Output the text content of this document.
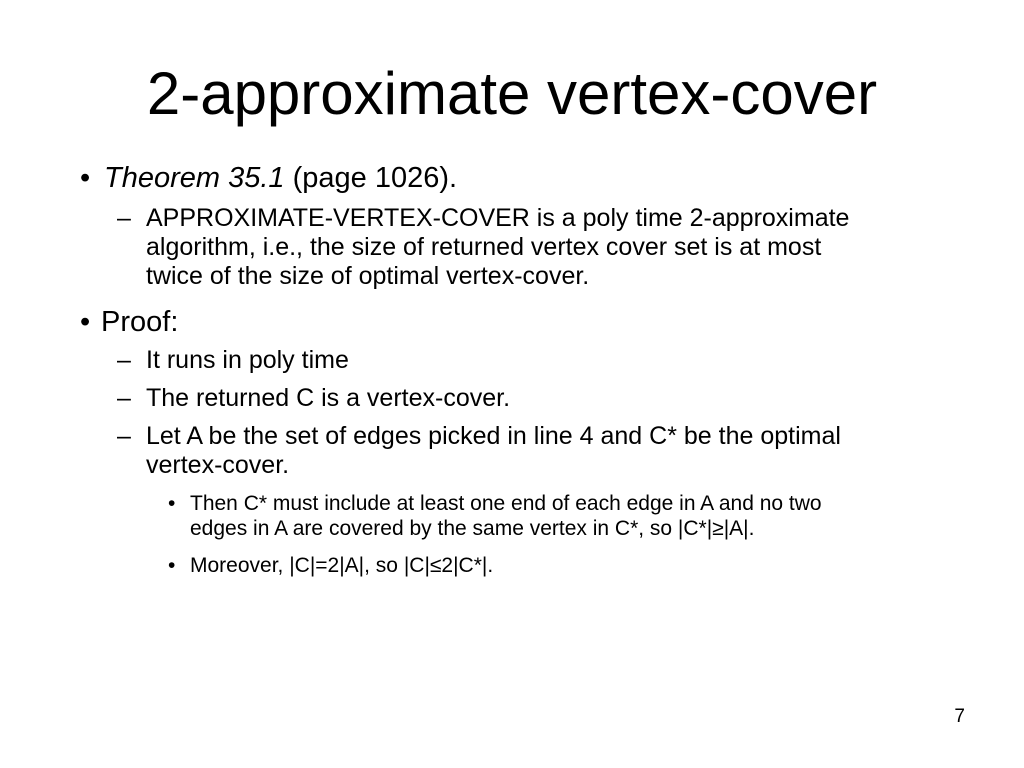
2-approximate vertex-cover
• Theorem 35.1 (page 1026).
– APPROXIMATE-VERTEX-COVER is a poly time 2-approximate
algorithm, i.e., the size of returned vertex cover set is at most
twice of the size of optimal vertex-cover.
• Proof:
– It runs in poly time
– The returned C is a vertex-cover.
– Let A be the set of edges picked in line 4 and C* be the optimal
vertex-cover.
• Then C* must include at least one end of each edge in A and no two
edges in A are covered by the same vertex in C*, so |C*|≥|A|.
• Moreover, |C|=2|A|, so |C|≤2|C*|.
7
